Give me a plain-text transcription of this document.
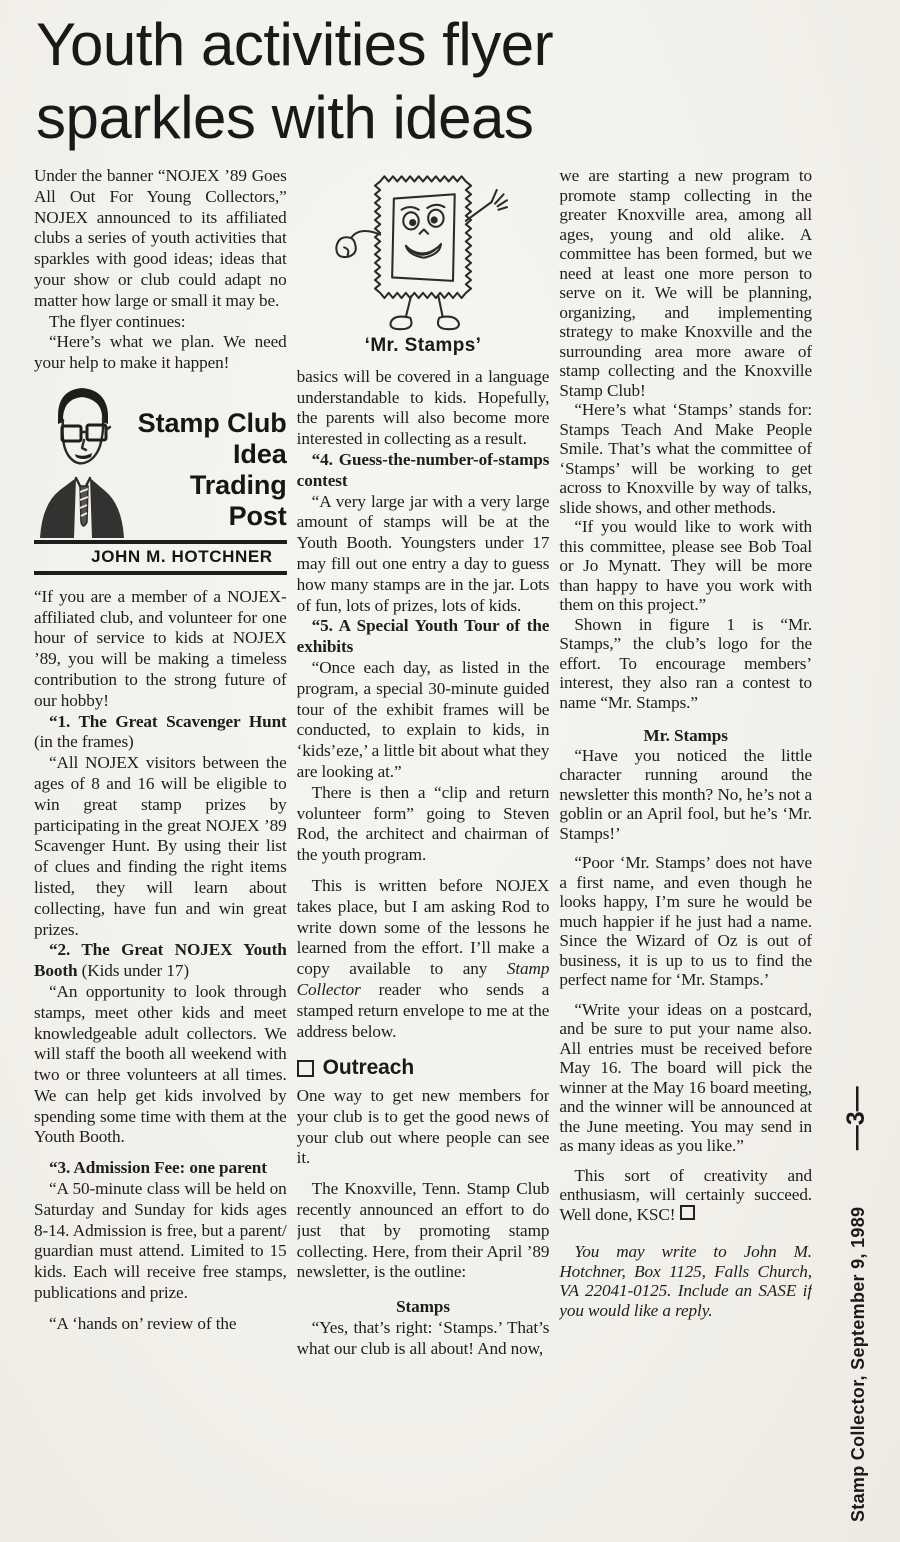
Youth activities flyer
sparkles with ideas

Under the banner “NOJEX ’89 Goes All Out For Young Collectors,” NOJEX announced to its affiliated clubs a series of youth activities that sparkles with good ideas; ideas that your show or club could adapt no matter how large or small it may be.

The flyer continues:

“Here’s what we plan. We need your help to make it happen!

Stamp Club
Idea
Trading
Post
JOHN M. HOTCHNER

“If you are a member of a NOJEX-affiliated club, and volunteer for one hour of service to kids at NOJEX ’89, you will be making a timeless contribution to the strong future of our hobby!

“1. The Great Scavenger Hunt (in the frames)

“All NOJEX visitors between the ages of 8 and 16 will be eligible to win great stamp prizes by participating in the great NOJEX ’89 Scavenger Hunt. By using their list of clues and finding the right items listed, they will learn about collecting, have fun and win great prizes.

“2. The Great NOJEX Youth Booth (Kids under 17)

“An opportunity to look through stamps, meet other kids and meet knowledgeable adult collectors. We will staff the booth all weekend with two or three volunteers at all times. We can help get kids involved by spending some time with them at the Youth Booth.

“3. Admission Fee: one parent

“A 50-minute class will be held on Saturday and Sunday for kids ages 8-14. Admission is free, but a parent/ guardian must attend. Limited to 15 kids. Each will receive free stamps, publications and prize.

“A ‘hands on’ review of the

‘Mr. Stamps’

basics will be covered in a language understandable to kids. Hopefully, the parents will also become more interested in collecting as a result.

“4. Guess-the-number-of-stamps contest

“A very large jar with a very large amount of stamps will be at the Youth Booth. Youngsters under 17 may fill out one entry a day to guess how many stamps are in the jar. Lots of fun, lots of prizes, lots of kids.

“5. A Special Youth Tour of the exhibits

“Once each day, as listed in the program, a special 30-minute guided tour of the exhibit frames will be conducted, to explain to kids, in ‘kids’eze,’ a little bit about what they are looking at.”

There is then a “clip and return volunteer form” going to Steven Rod, the architect and chairman of the youth program.

This is written before NOJEX takes place, but I am asking Rod to write down some of the lessons he learned from the effort. I’ll make a copy available to any Stamp Collector reader who sends a stamped return envelope to me at the address below.

Outreach

One way to get new members for your club is to get the good news of your club out where people can see it.

The Knoxville, Tenn. Stamp Club recently announced an effort to do just that by promoting stamp collecting. Here, from their April ’89 newsletter, is the outline:

Stamps

“Yes, that’s right: ‘Stamps.’ That’s what our club is all about! And now,

we are starting a new program to promote stamp collecting in the greater Knoxville area, among all ages, young and old alike. A committee has been formed, but we need at least one more person to serve on it. We will be planning, organizing, and implementing strategy to make Knoxville and the surrounding area more aware of stamp collecting and the Knoxville Stamp Club!

“Here’s what ‘Stamps’ stands for: Stamps Teach And Make People Smile. That’s what the committee of ‘Stamps’ will be working to get across to Knoxville by way of talks, slide shows, and other methods.

“If you would like to work with this committee, please see Bob Toal or Jo Mynatt. They will be more than happy to have you work with them on this project.”

Shown in figure 1 is “Mr. Stamps,” the club’s logo for the effort. To encourage members’ interest, they also ran a contest to name “Mr. Stamps.”

Mr. Stamps

“Have you noticed the little character running around the newsletter this month? No, he’s not a goblin or an April fool, but he’s ‘Mr. Stamps!’

“Poor ‘Mr. Stamps’ does not have a first name, and even though he looks happy, I’m sure he would be much happier if he just had a name. Since the Wizard of Oz is out of business, it is up to us to find the perfect name for ‘Mr. Stamps.’

“Write your ideas on a postcard, and be sure to put your name also. All entries must be received before May 16. The board will pick the winner at the May 16 board meeting, and the winner will be announced at the June meeting. You may send in as many ideas as you like.”

This sort of creativity and enthusiasm, will certainly succeed. Well done, KSC!

You may write to John M. Hotchner, Box 1125, Falls Church, VA 22041-0125. Include an SASE if you would like a reply.	Stamp Collector, September 9, 1989 —3—
